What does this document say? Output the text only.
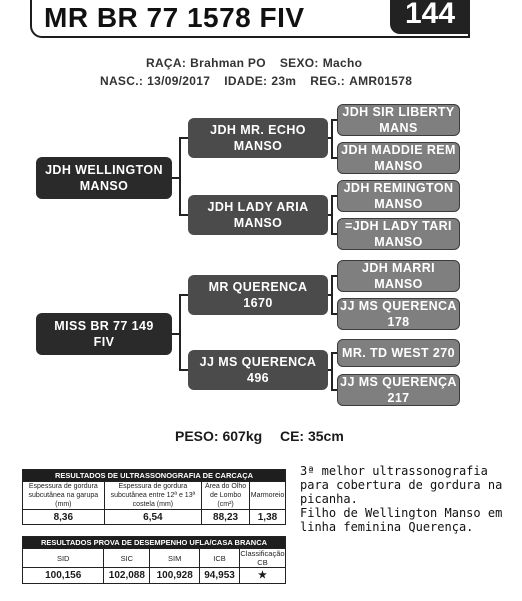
MR BR 77 1578 FIV	144
RAÇA: Brahman PO SEXO: Macho
NASC.: 13/09/2017 IDADE: 23m REG.: AMR01578
JDH WELLINGTON
MANSO
MISS BR 77 149
FIV
JDH MR. ECHO
MANSO
JDH LADY ARIA
MANSO
MR QUERENCA
1670
JJ MS QUERENCA
496
JDH SIR LIBERTY
MANS
JDH MADDIE REM
MANSO
JDH REMINGTON
MANSO
=JDH LADY TARI
MANSO
JDH MARRI
MANSO
JJ MS QUERENCA
178
MR. TD WEST 270
JJ MS QUERENÇA
217
PESO: 607kg CE: 35cm
RESULTADOS DE ULTRASSONOGRAFIA DE CARCAÇA			
Espessura de gordura subcutânea na garupa (mm)	Espessura de gordura subcutânea entre 12ª e 13ª costela (mm)	Área do Olho de Lombo (cm²)	Marmoreio
8,36	6,54	88,23	1,38
RESULTADOS PROVA DE DESEMPENHO UFLA/CASA BRANCA				
SID	SIC	SIM	ICB	Classificação CB
100,156	102,088	100,928	94,953	★
3ª melhor ultrassonografia para cobertura de gordura na picanha.
Filho de Wellington Manso em linha feminina Querença.
